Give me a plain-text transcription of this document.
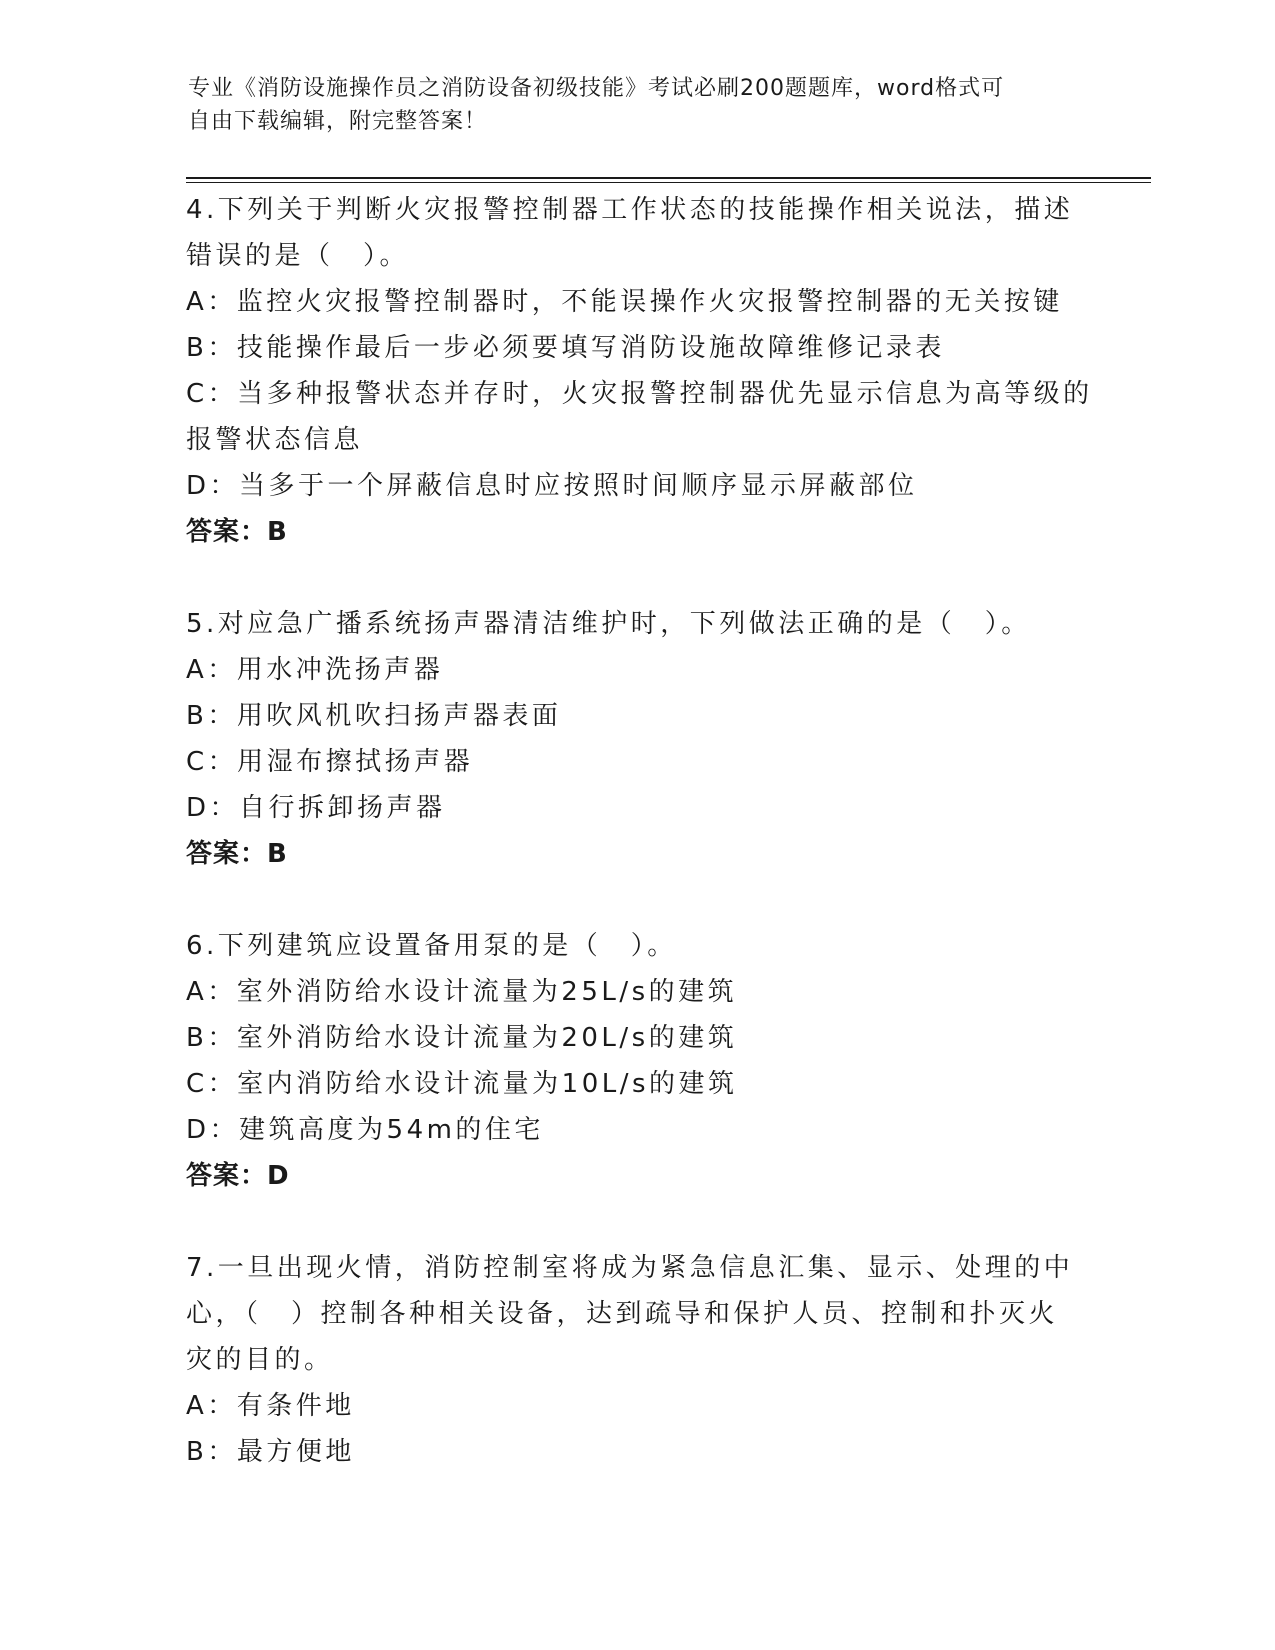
专业《消防设施操作员之消防设备初级技能》考试必刷200题题库，word格式可
自由下载编辑，附完整答案！
4.下列关于判断火灾报警控制器工作状态的技能操作相关说法，描述
错误的是（　）。
A：监控火灾报警控制器时，不能误操作火灾报警控制器的无关按键
B：技能操作最后一步必须要填写消防设施故障维修记录表
C：当多种报警状态并存时，火灾报警控制器优先显示信息为高等级的
报警状态信息
D：当多于一个屏蔽信息时应按照时间顺序显示屏蔽部位
答案：B
5.对应急广播系统扬声器清洁维护时，下列做法正确的是（　）。
A：用水冲洗扬声器
B：用吹风机吹扫扬声器表面
C：用湿布擦拭扬声器
D：自行拆卸扬声器
答案：B
6.下列建筑应设置备用泵的是（　）。
A：室外消防给水设计流量为25L/s的建筑
B：室外消防给水设计流量为20L/s的建筑
C：室内消防给水设计流量为10L/s的建筑
D：建筑高度为54m的住宅
答案：D
7.一旦出现火情，消防控制室将成为紧急信息汇集、显示、处理的中
心，（　）控制各种相关设备，达到疏导和保护人员、控制和扑灭火
灾的目的。
A：有条件地
B：最方便地
